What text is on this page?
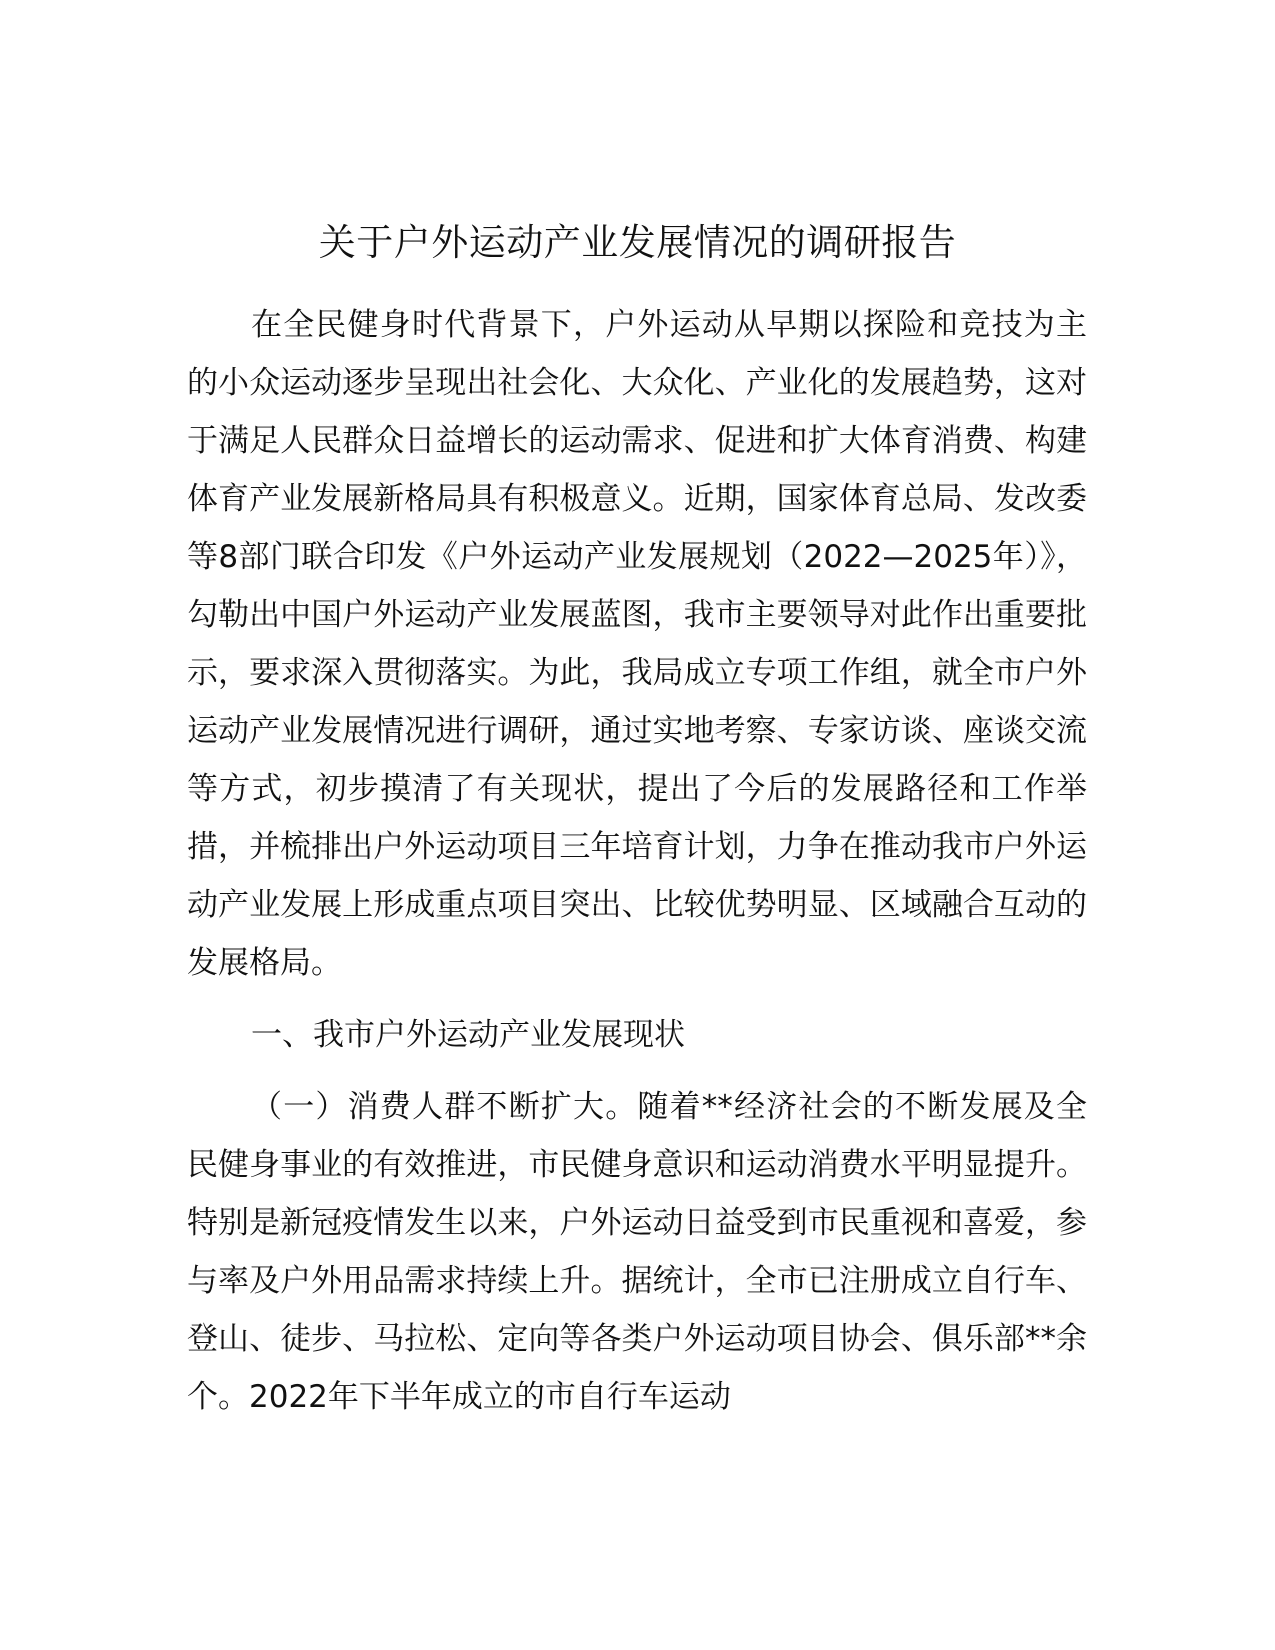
关于户外运动产业发展情况的调研报告

在全民健身时代背景下，户外运动从早期以探险和竞技为主的小众运动逐步呈现出社会化、大众化、产业化的发展趋势，这对于满足人民群众日益增长的运动需求、促进和扩大体育消费、构建体育产业发展新格局具有积极意义。近期，国家体育总局、发改委等8部门联合印发《户外运动产业发展规划（2022—2025年）》，勾勒出中国户外运动产业发展蓝图，我市主要领导对此作出重要批示，要求深入贯彻落实。为此，我局成立专项工作组，就全市户外运动产业发展情况进行调研，通过实地考察、专家访谈、座谈交流等方式，初步摸清了有关现状，提出了今后的发展路径和工作举措，并梳排出户外运动项目三年培育计划，力争在推动我市户外运动产业发展上形成重点项目突出、比较优势明显、区域融合互动的发展格局。

一、我市户外运动产业发展现状

（一）消费人群不断扩大。随着**经济社会的不断发展及全民健身事业的有效推进，市民健身意识和运动消费水平明显提升。特别是新冠疫情发生以来，户外运动日益受到市民重视和喜爱，参与率及户外用品需求持续上升。据统计，全市已注册成立自行车、登山、徒步、马拉松、定向等各类户外运动项目协会、俱乐部**余个。2022年下半年成立的市自行车运动
